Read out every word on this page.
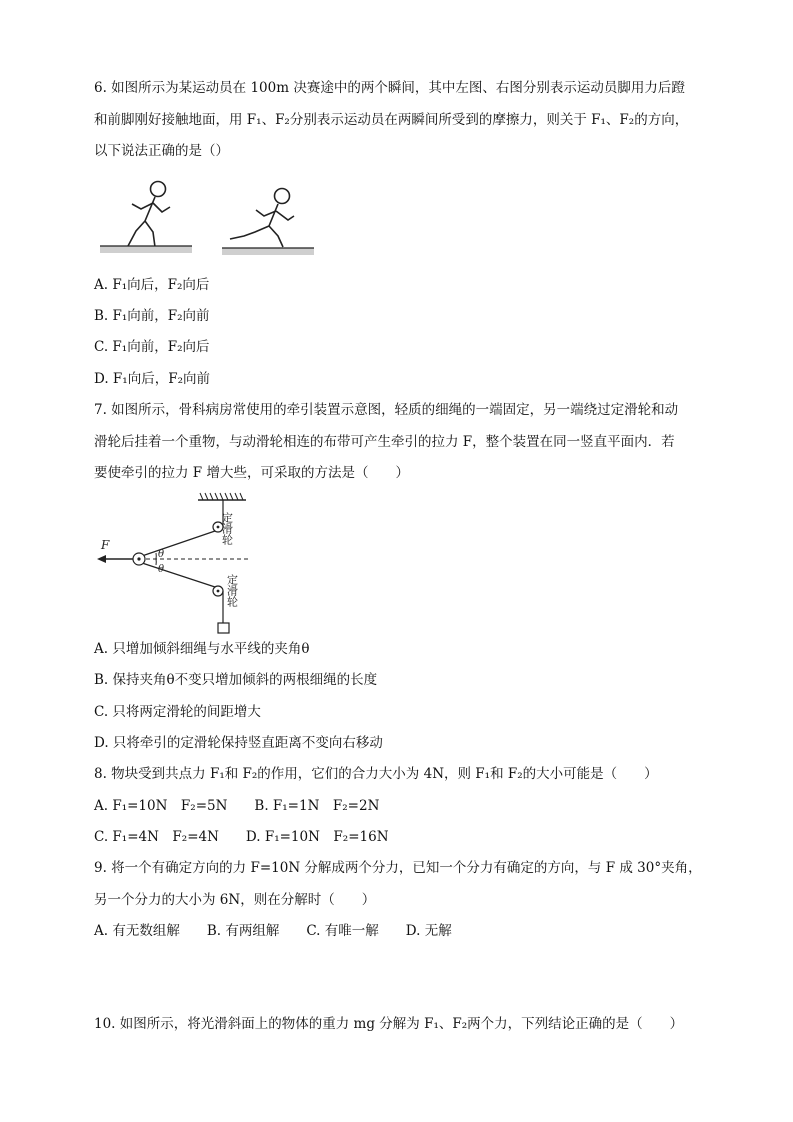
6. 如图所示为某运动员在 100m 决赛途中的两个瞬间，其中左图、右图分别表示运动员脚用力后蹬
和前脚刚好接触地面，用 F₁、F₂分别表示运动员在两瞬间所受到的摩擦力，则关于 F₁、F₂的方向，
以下说法正确的是（）
A. F₁向后，F₂向后
B. F₁向前，F₂向前
C. F₁向前，F₂向后
D. F₁向后，F₂向前
7. 如图所示，骨科病房常使用的牵引装置示意图，轻质的细绳的一端固定，另一端绕过定滑轮和动
滑轮后挂着一个重物，与动滑轮相连的布带可产生牵引的拉力 F，整个装置在同一竖直平面内．若
要使牵引的拉力 F 增大些，可采取的方法是（　　）
F
θ
θ
定滑轮
定滑轮
A. 只增加倾斜细绳与水平线的夹角θ
B. 保持夹角θ不变只增加倾斜的两根细绳的长度
C. 只将两定滑轮的间距增大
D. 只将牵引的定滑轮保持竖直距离不变向右移动
8. 物块受到共点力 F₁和 F₂的作用，它们的合力大小为 4N，则 F₁和 F₂的大小可能是（　　）
A. F₁=10N　F₂=5N　　B. F₁=1N　F₂=2N
C. F₁=4N　F₂=4N　　D. F₁=10N　F₂=16N
9. 将一个有确定方向的力 F=10N 分解成两个分力，已知一个分力有确定的方向，与 F 成 30°夹角，
另一个分力的大小为 6N，则在分解时（　　）
A. 有无数组解　　B. 有两组解　　C. 有唯一解　　D. 无解
10. 如图所示，将光滑斜面上的物体的重力 mg 分解为 F₁、F₂两个力，下列结论正确的是（　　）
